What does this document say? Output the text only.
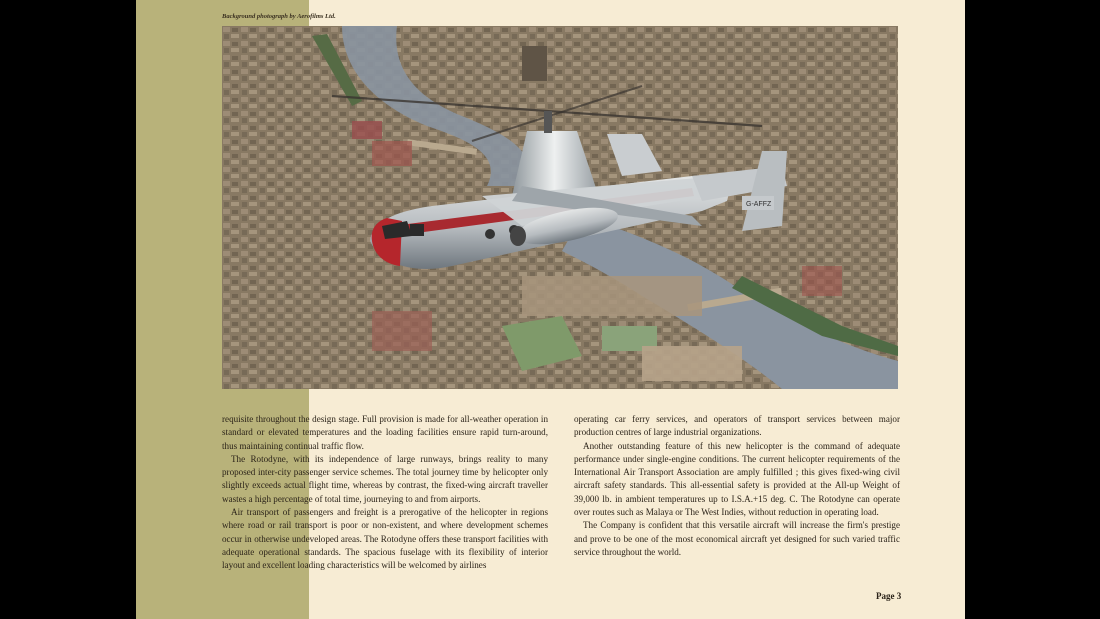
Background photograph by Aerofilms Ltd.
G-AFFZ

requisite throughout the design stage. Full provision is made for all-weather operation in standard or elevated temperatures and the loading facilities ensure rapid turn-around, thus maintaining continual traffic flow.

The Rotodyne, with its independence of large runways, brings reality to many proposed inter-city passenger service schemes. The total journey time by helicopter only slightly exceeds actual flight time, whereas by contrast, the fixed-wing aircraft traveller wastes a high percentage of total time, journeying to and from airports.

Air transport of passengers and freight is a prerogative of the helicopter in regions where road or rail transport is poor or non-existent, and where development schemes occur in otherwise undeveloped areas. The Rotodyne offers these transport facilities with adequate operational standards. The spacious fuselage with its flexibility of interior layout and excellent loading characteristics will be welcomed by airlines

operating car ferry services, and operators of transport services between major production centres of large industrial organizations.

Another outstanding feature of this new helicopter is the command of adequate performance under single-engine conditions. The current helicopter requirements of the International Air Transport Association are amply fulfilled ; this gives fixed-wing civil aircraft safety standards. This all-essential safety is provided at the All-up Weight of 39,000 lb. in ambient temperatures up to I.S.A.+15 deg. C. The Rotodyne can operate over routes such as Malaya or The West Indies, without reduction in operating load.

The Company is confident that this versatile aircraft will increase the firm's prestige and prove to be one of the most economical aircraft yet designed for such varied traffic service throughout the world.

Page 3
